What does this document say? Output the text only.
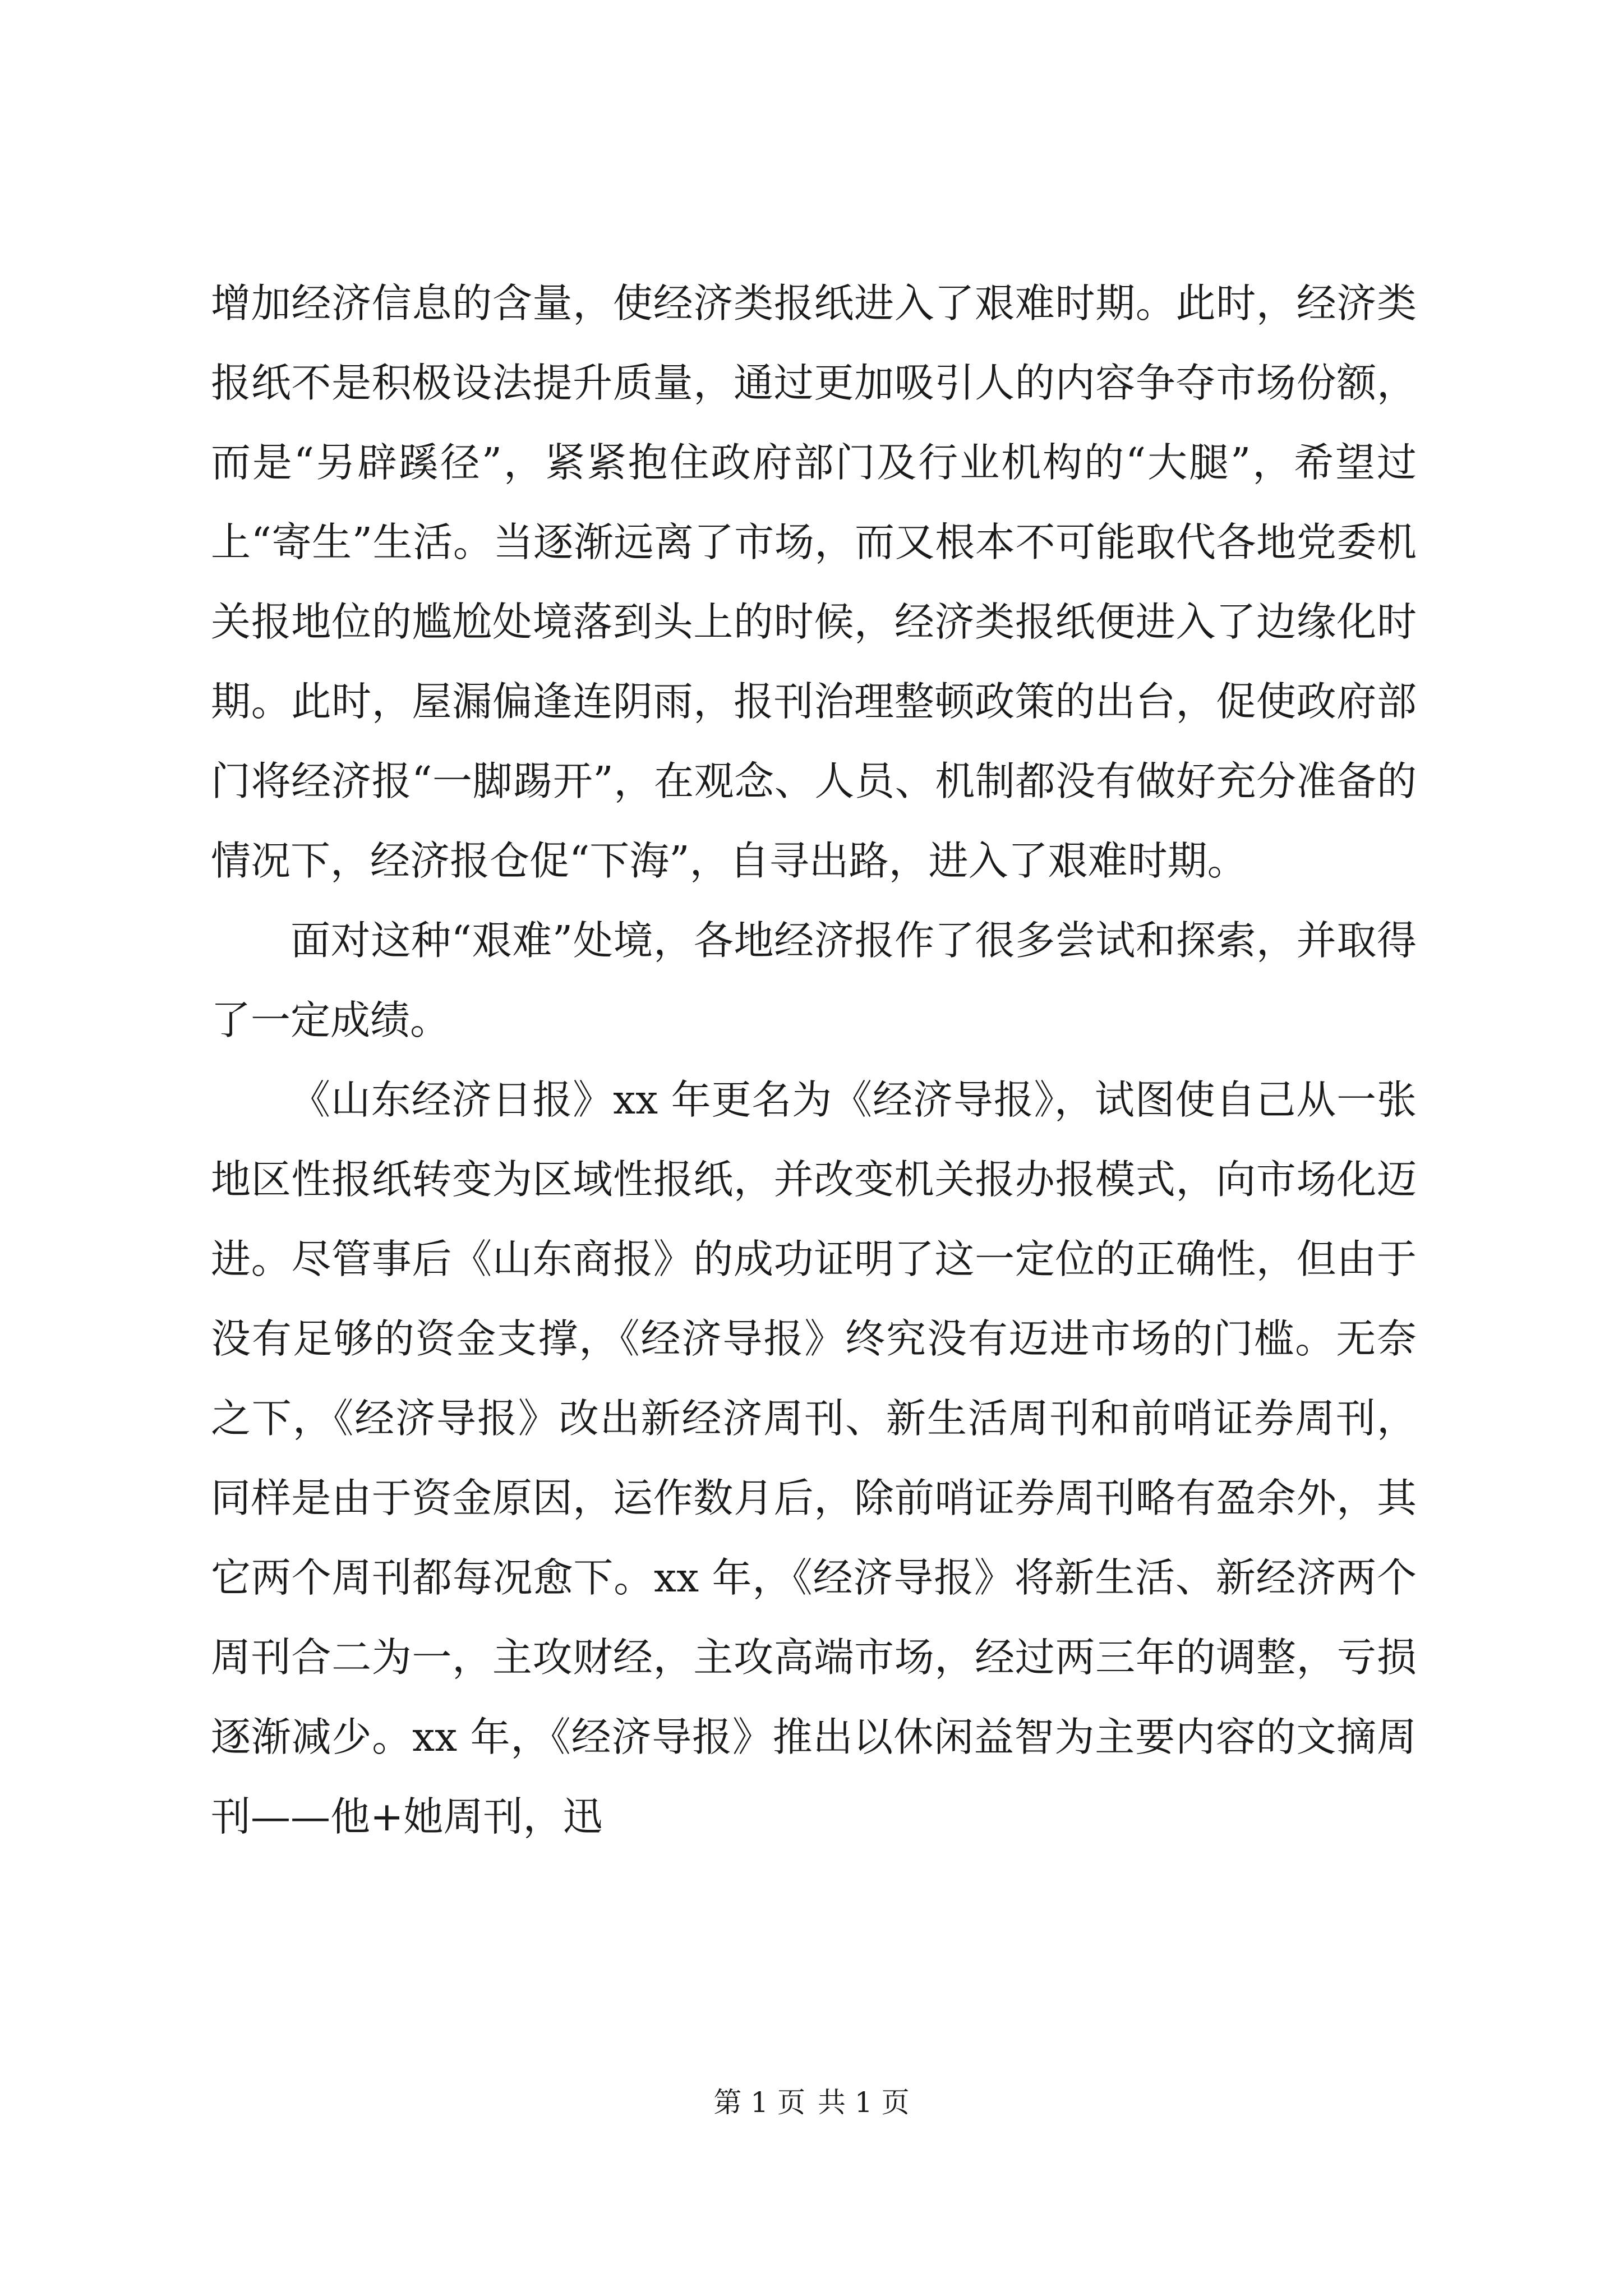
增加经济信息的含量，使经济类报纸进入了艰难时期。此时，经济类报纸不是积极设法提升质量，通过更加吸引人的内容争夺市场份额，而是“另辟蹊径”，紧紧抱住政府部门及行业机构的“大腿”，希望过上“寄生”生活。当逐渐远离了市场，而又根本不可能取代各地党委机关报地位的尴尬处境落到头上的时候，经济类报纸便进入了边缘化时期。此时，屋漏偏逢连阴雨，报刊治理整顿政策的出台，促使政府部门将经济报“一脚踢开”，在观念、人员、机制都没有做好充分准备的情况下，经济报仓促“下海”，自寻出路，进入了艰难时期。

面对这种“艰难”处境，各地经济报作了很多尝试和探索，并取得了一定成绩。

《山东经济日报》xx 年更名为《经济导报》，试图使自己从一张地区性报纸转变为区域性报纸，并改变机关报办报模式，向市场化迈进。尽管事后《山东商报》的成功证明了这一定位的正确性，但由于没有足够的资金支撑，《经济导报》终究没有迈进市场的门槛。无奈之下，《经济导报》改出新经济周刊、新生活周刊和前哨证券周刊，同样是由于资金原因，运作数月后，除前哨证券周刊略有盈余外，其它两个周刊都每况愈下。xx 年，《经济导报》将新生活、新经济两个周刊合二为一，主攻财经，主攻高端市场，经过两三年的调整，亏损逐渐减少。xx 年，《经济导报》推出以休闲益智为主要内容的文摘周刊——他+她周刊，迅

第 1 页 共 1 页
